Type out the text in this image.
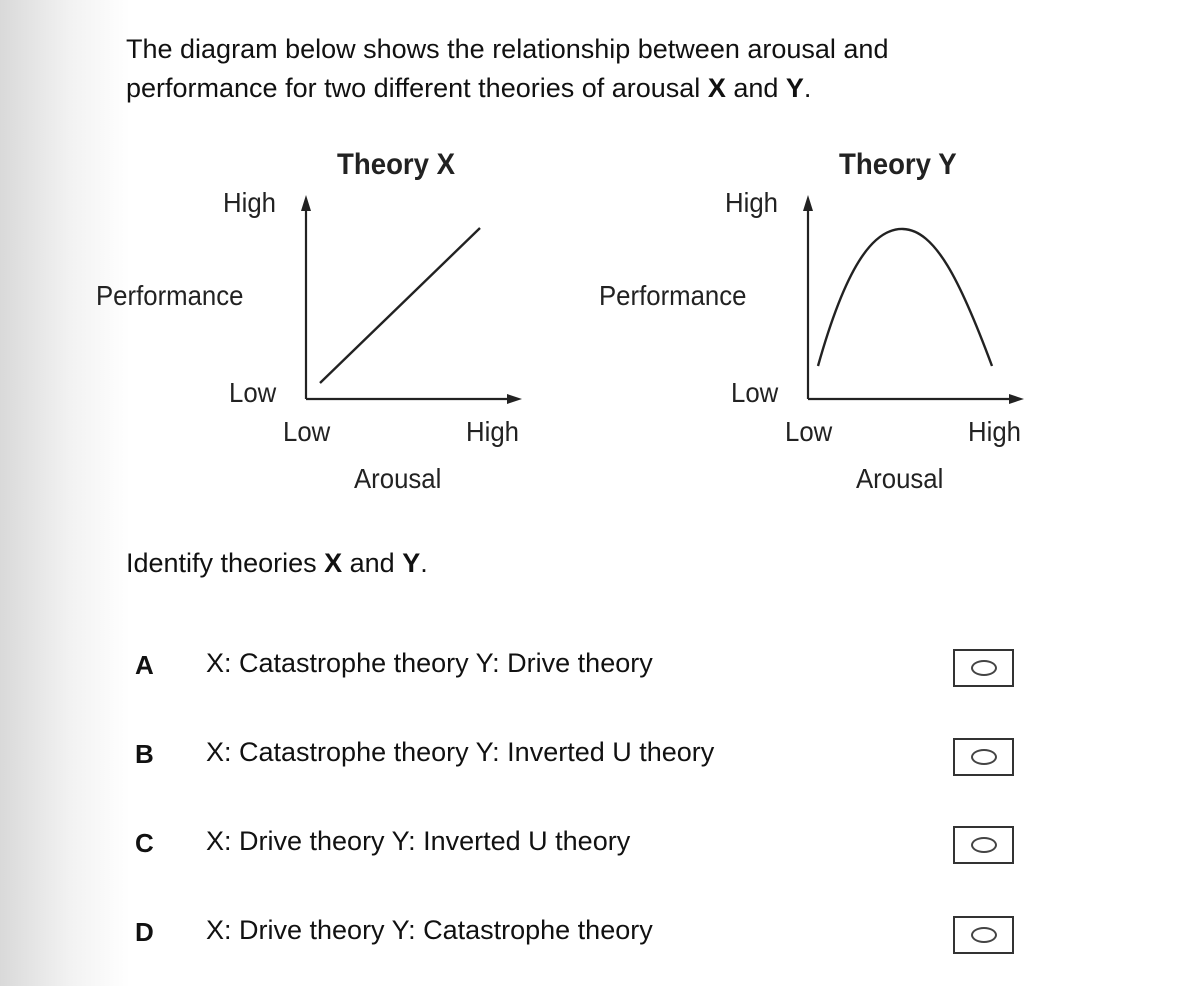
The diagram below shows the relationship between arousal and
performance for two different theories of arousal X and Y.
Theory X
High
Performance
Low
Low	High
Arousal
Theory Y
High
Performance
Low
Low	High
Arousal
Identify theories X and Y.
A X: Catastrophe theory Y: Drive theory
B X: Catastrophe theory Y: Inverted U theory
C X: Drive theory Y: Inverted U theory
D X: Drive theory Y: Catastrophe theory
